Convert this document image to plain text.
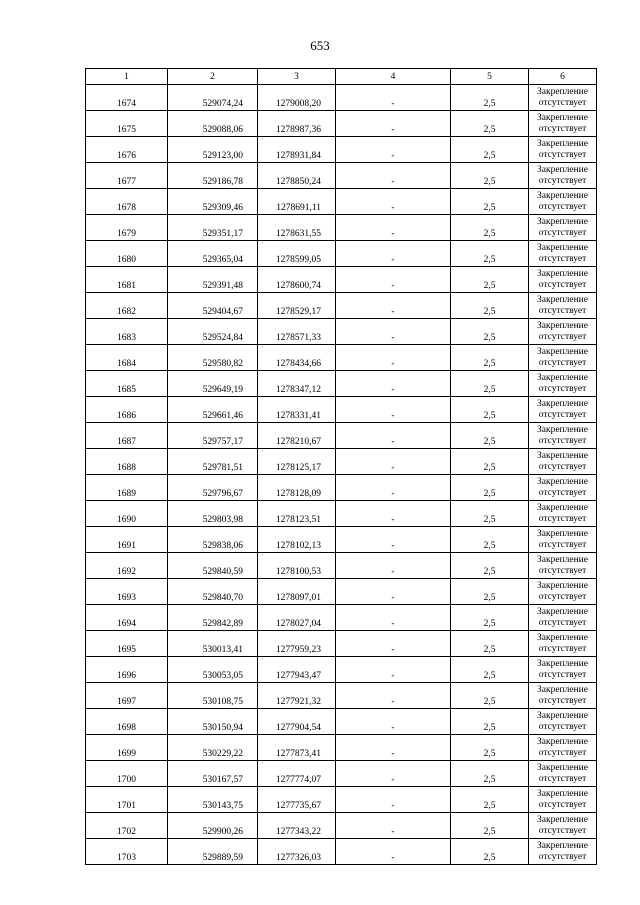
653
1	2	3	4	5	6
1674	529074,24	1279008,20	-	2,5	Закрепление
отсутствует

1675	529088,06	1278987,36	-	2,5	Закрепление
отсутствует

1676	529123,00	1278931,84	-	2,5	Закрепление
отсутствует

1677	529186,78	1278850,24	-	2,5	Закрепление
отсутствует

1678	529309,46	1278691,11	-	2,5	Закрепление
отсутствует

1679	529351,17	1278631,55	-	2,5	Закрепление
отсутствует

1680	529365,04	1278599,05	-	2,5	Закрепление
отсутствует

1681	529391,48	1278600,74	-	2,5	Закрепление
отсутствует

1682	529404,67	1278529,17	-	2,5	Закрепление
отсутствует

1683	529524,84	1278571,33	-	2,5	Закрепление
отсутствует

1684	529580,82	1278434,66	-	2,5	Закрепление
отсутствует

1685	529649,19	1278347,12	-	2,5	Закрепление
отсутствует

1686	529661,46	1278331,41	-	2,5	Закрепление
отсутствует

1687	529757,17	1278210,67	-	2,5	Закрепление
отсутствует

1688	529781,51	1278125,17	-	2,5	Закрепление
отсутствует

1689	529796,67	1278128,09	-	2,5	Закрепление
отсутствует

1690	529803,98	1278123,51	-	2,5	Закрепление
отсутствует

1691	529838,06	1278102,13	-	2,5	Закрепление
отсутствует

1692	529840,59	1278100,53	-	2,5	Закрепление
отсутствует

1693	529840,70	1278097,01	-	2,5	Закрепление
отсутствует

1694	529842,89	1278027,04	-	2,5	Закрепление
отсутствует

1695	530013,41	1277959,23	-	2,5	Закрепление
отсутствует

1696	530053,05	1277943,47	-	2,5	Закрепление
отсутствует

1697	530108,75	1277921,32	-	2,5	Закрепление
отсутствует

1698	530150,94	1277904,54	-	2,5	Закрепление
отсутствует

1699	530229,22	1277873,41	-	2,5	Закрепление
отсутствует

1700	530167,57	1277774,07	-	2,5	Закрепление
отсутствует

1701	530143,75	1277735,67	-	2,5	Закрепление
отсутствует

1702	529900,26	1277343,22	-	2,5	Закрепление
отсутствует

1703	529889,59	1277326,03	-	2,5	Закрепление
отсутствует
